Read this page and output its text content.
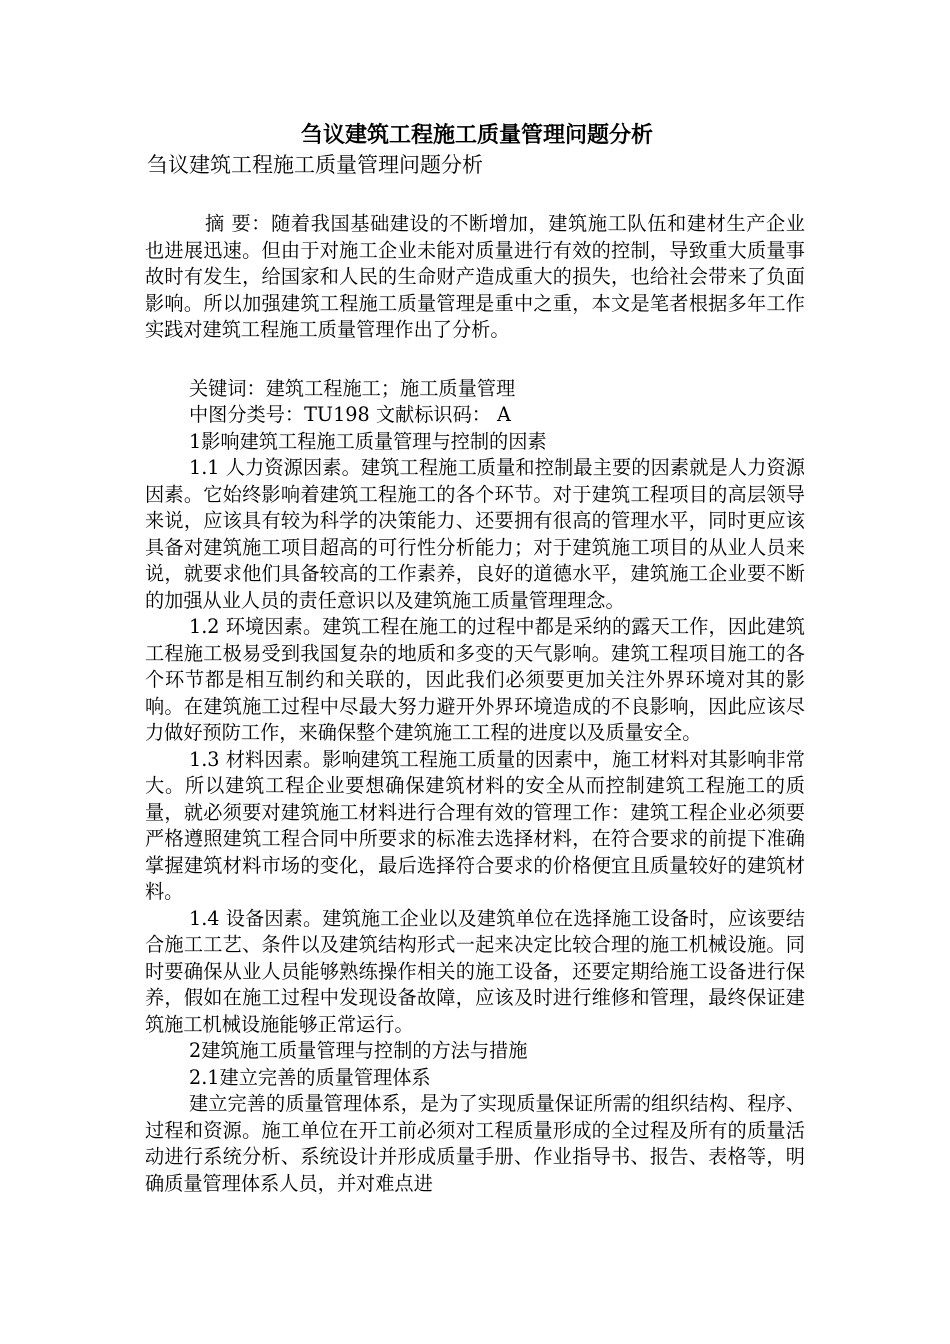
刍议建筑工程施工质量管理问题分析

刍议建筑工程施工质量管理问题分析

摘 要：随着我国基础建设的不断增加，建筑施工队伍和建材生产企业也进展迅速。但由于对施工企业未能对质量进行有效的控制，导致重大质量事故时有发生，给国家和人民的生命财产造成重大的损失，也给社会带来了负面影响。所以加强建筑工程施工质量管理是重中之重，本文是笔者根据多年工作实践对建筑工程施工质量管理作出了分析。

关键词：建筑工程施工；施工质量管理

中图分类号：TU198 文献标识码： A

1影响建筑工程施工质量管理与控制的因素

1.1 人力资源因素。建筑工程施工质量和控制最主要的因素就是人力资源因素。它始终影响着建筑工程施工的各个环节。对于建筑工程项目的高层领导来说，应该具有较为科学的决策能力、还要拥有很高的管理水平，同时更应该具备对建筑施工项目超高的可行性分析能力；对于建筑施工项目的从业人员来说，就要求他们具备较高的工作素养，良好的道德水平，建筑施工企业要不断的加强从业人员的责任意识以及建筑施工质量管理理念。

1.2 环境因素。建筑工程在施工的过程中都是采纳的露天工作，因此建筑工程施工极易受到我国复杂的地质和多变的天气影响。建筑工程项目施工的各个环节都是相互制约和关联的，因此我们必须要更加关注外界环境对其的影响。在建筑施工过程中尽最大努力避开外界环境造成的不良影响，因此应该尽力做好预防工作，来确保整个建筑施工工程的进度以及质量安全。

1.3 材料因素。影响建筑工程施工质量的因素中，施工材料对其影响非常大。所以建筑工程企业要想确保建筑材料的安全从而控制建筑工程施工的质量，就必须要对建筑施工材料进行合理有效的管理工作：建筑工程企业必须要严格遵照建筑工程合同中所要求的标准去选择材料，在符合要求的前提下准确掌握建筑材料市场的变化，最后选择符合要求的价格便宜且质量较好的建筑材料。

1.4 设备因素。建筑施工企业以及建筑单位在选择施工设备时，应该要结合施工工艺、条件以及建筑结构形式一起来决定比较合理的施工机械设施。同时要确保从业人员能够熟练操作相关的施工设备，还要定期给施工设备进行保养，假如在施工过程中发现设备故障，应该及时进行维修和管理，最终保证建筑施工机械设施能够正常运行。

2建筑施工质量管理与控制的方法与措施

2.1建立完善的质量管理体系

建立完善的质量管理体系，是为了实现质量保证所需的组织结构、程序、过程和资源。施工单位在开工前必须对工程质量形成的全过程及所有的质量活动进行系统分析、系统设计并形成质量手册、作业指导书、报告、表格等，明确质量管理体系人员，并对难点进
